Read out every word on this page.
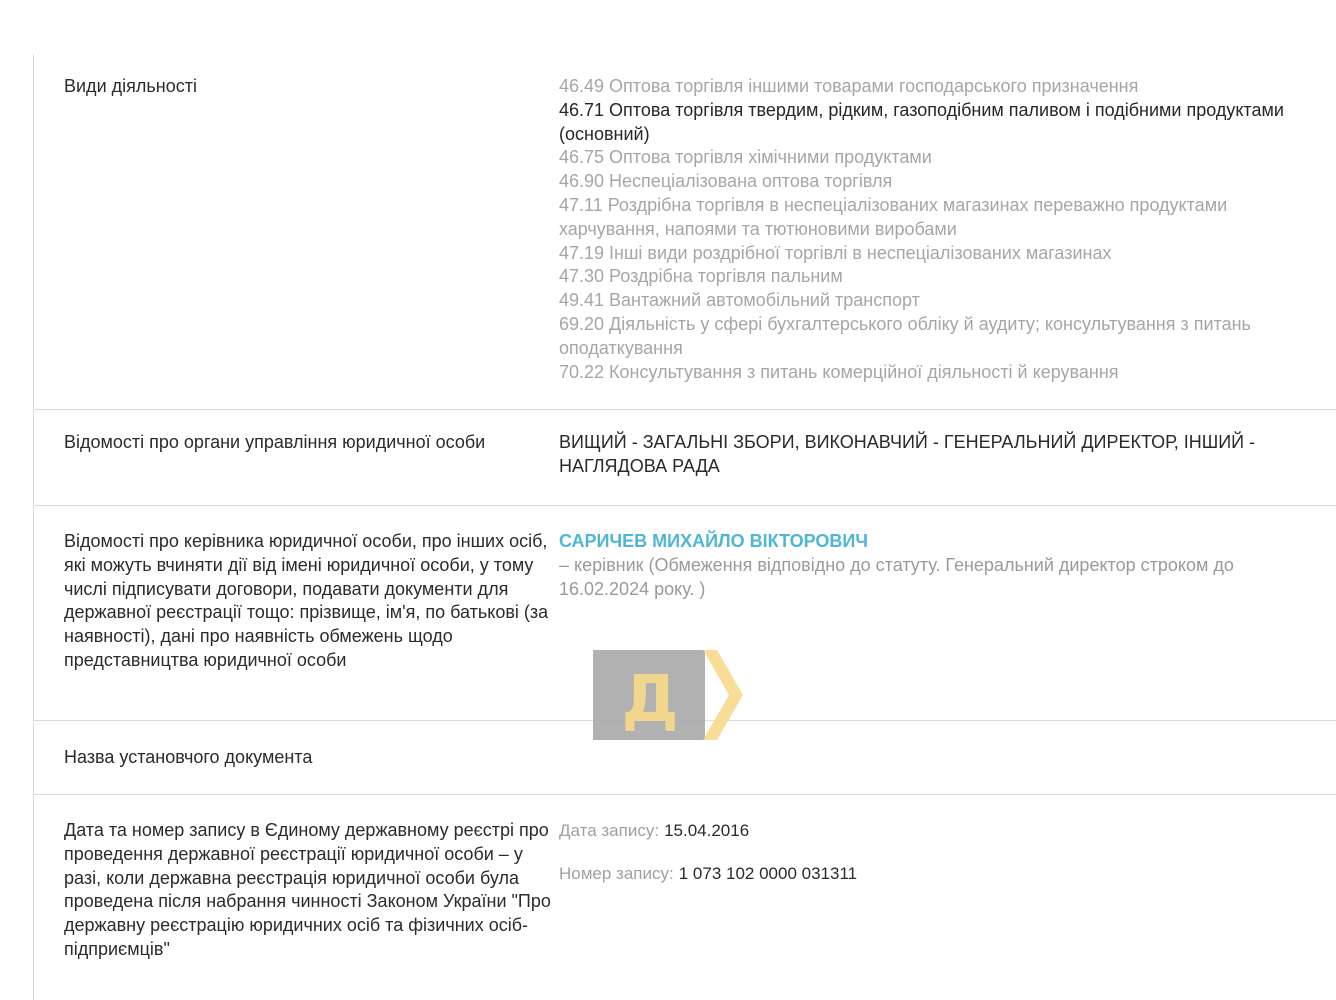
Види діяльності	46.49 Оптова торгівля іншими товарами господарського призначення
46.71 Оптова торгівля твердим, рідким, газоподібним паливом і подібними продуктами (основний)
46.75 Оптова торгівля хімічними продуктами
46.90 Неспеціалізована оптова торгівля
47.11 Роздрібна торгівля в неспеціалізованих магазинах переважно продуктами харчування, напоями та тютюновими виробами
47.19 Інші види роздрібної торгівлі в неспеціалізованих магазинах
47.30 Роздрібна торгівля пальним
49.41 Вантажний автомобільний транспорт
69.20 Діяльність у сфері бухгалтерського обліку й аудиту; консультування з питань оподаткування
70.22 Консультування з питань комерційної діяльності й керування
Відомості про органи управління юридичної особи	ВИЩИЙ - ЗАГАЛЬНІ ЗБОРИ, ВИКОНАВЧИЙ - ГЕНЕРАЛЬНИЙ ДИРЕКТОР, ІНШИЙ - НАГЛЯДОВА РАДА
Відомості про керівника юридичної особи, про інших осіб, які можуть вчиняти дії від імені юридичної особи, у тому числі підписувати договори, подавати документи для державної реєстрації тощо: прізвище, ім'я, по батькові (за наявності), дані про наявність обмежень щодо представництва юридичної особи
САРИЧЕВ МИХАЙЛО ВІКТОРОВИЧ
– керівник (Обмеження відповідно до статуту. Генеральний директор строком до 16.02.2024 року. )
Назва установчого документа
Дата та номер запису в Єдиному державному реєстрі про проведення державної реєстрації юридичної особи – у разі, коли державна реєстрація юридичної особи була проведена після набрання чинності Законом України "Про державну реєстрацію юридичних осіб та фізичних осіб-підприємців"
Дата запису: 15.04.2016
Номер запису: 1 073 102 0000 031311
Д
